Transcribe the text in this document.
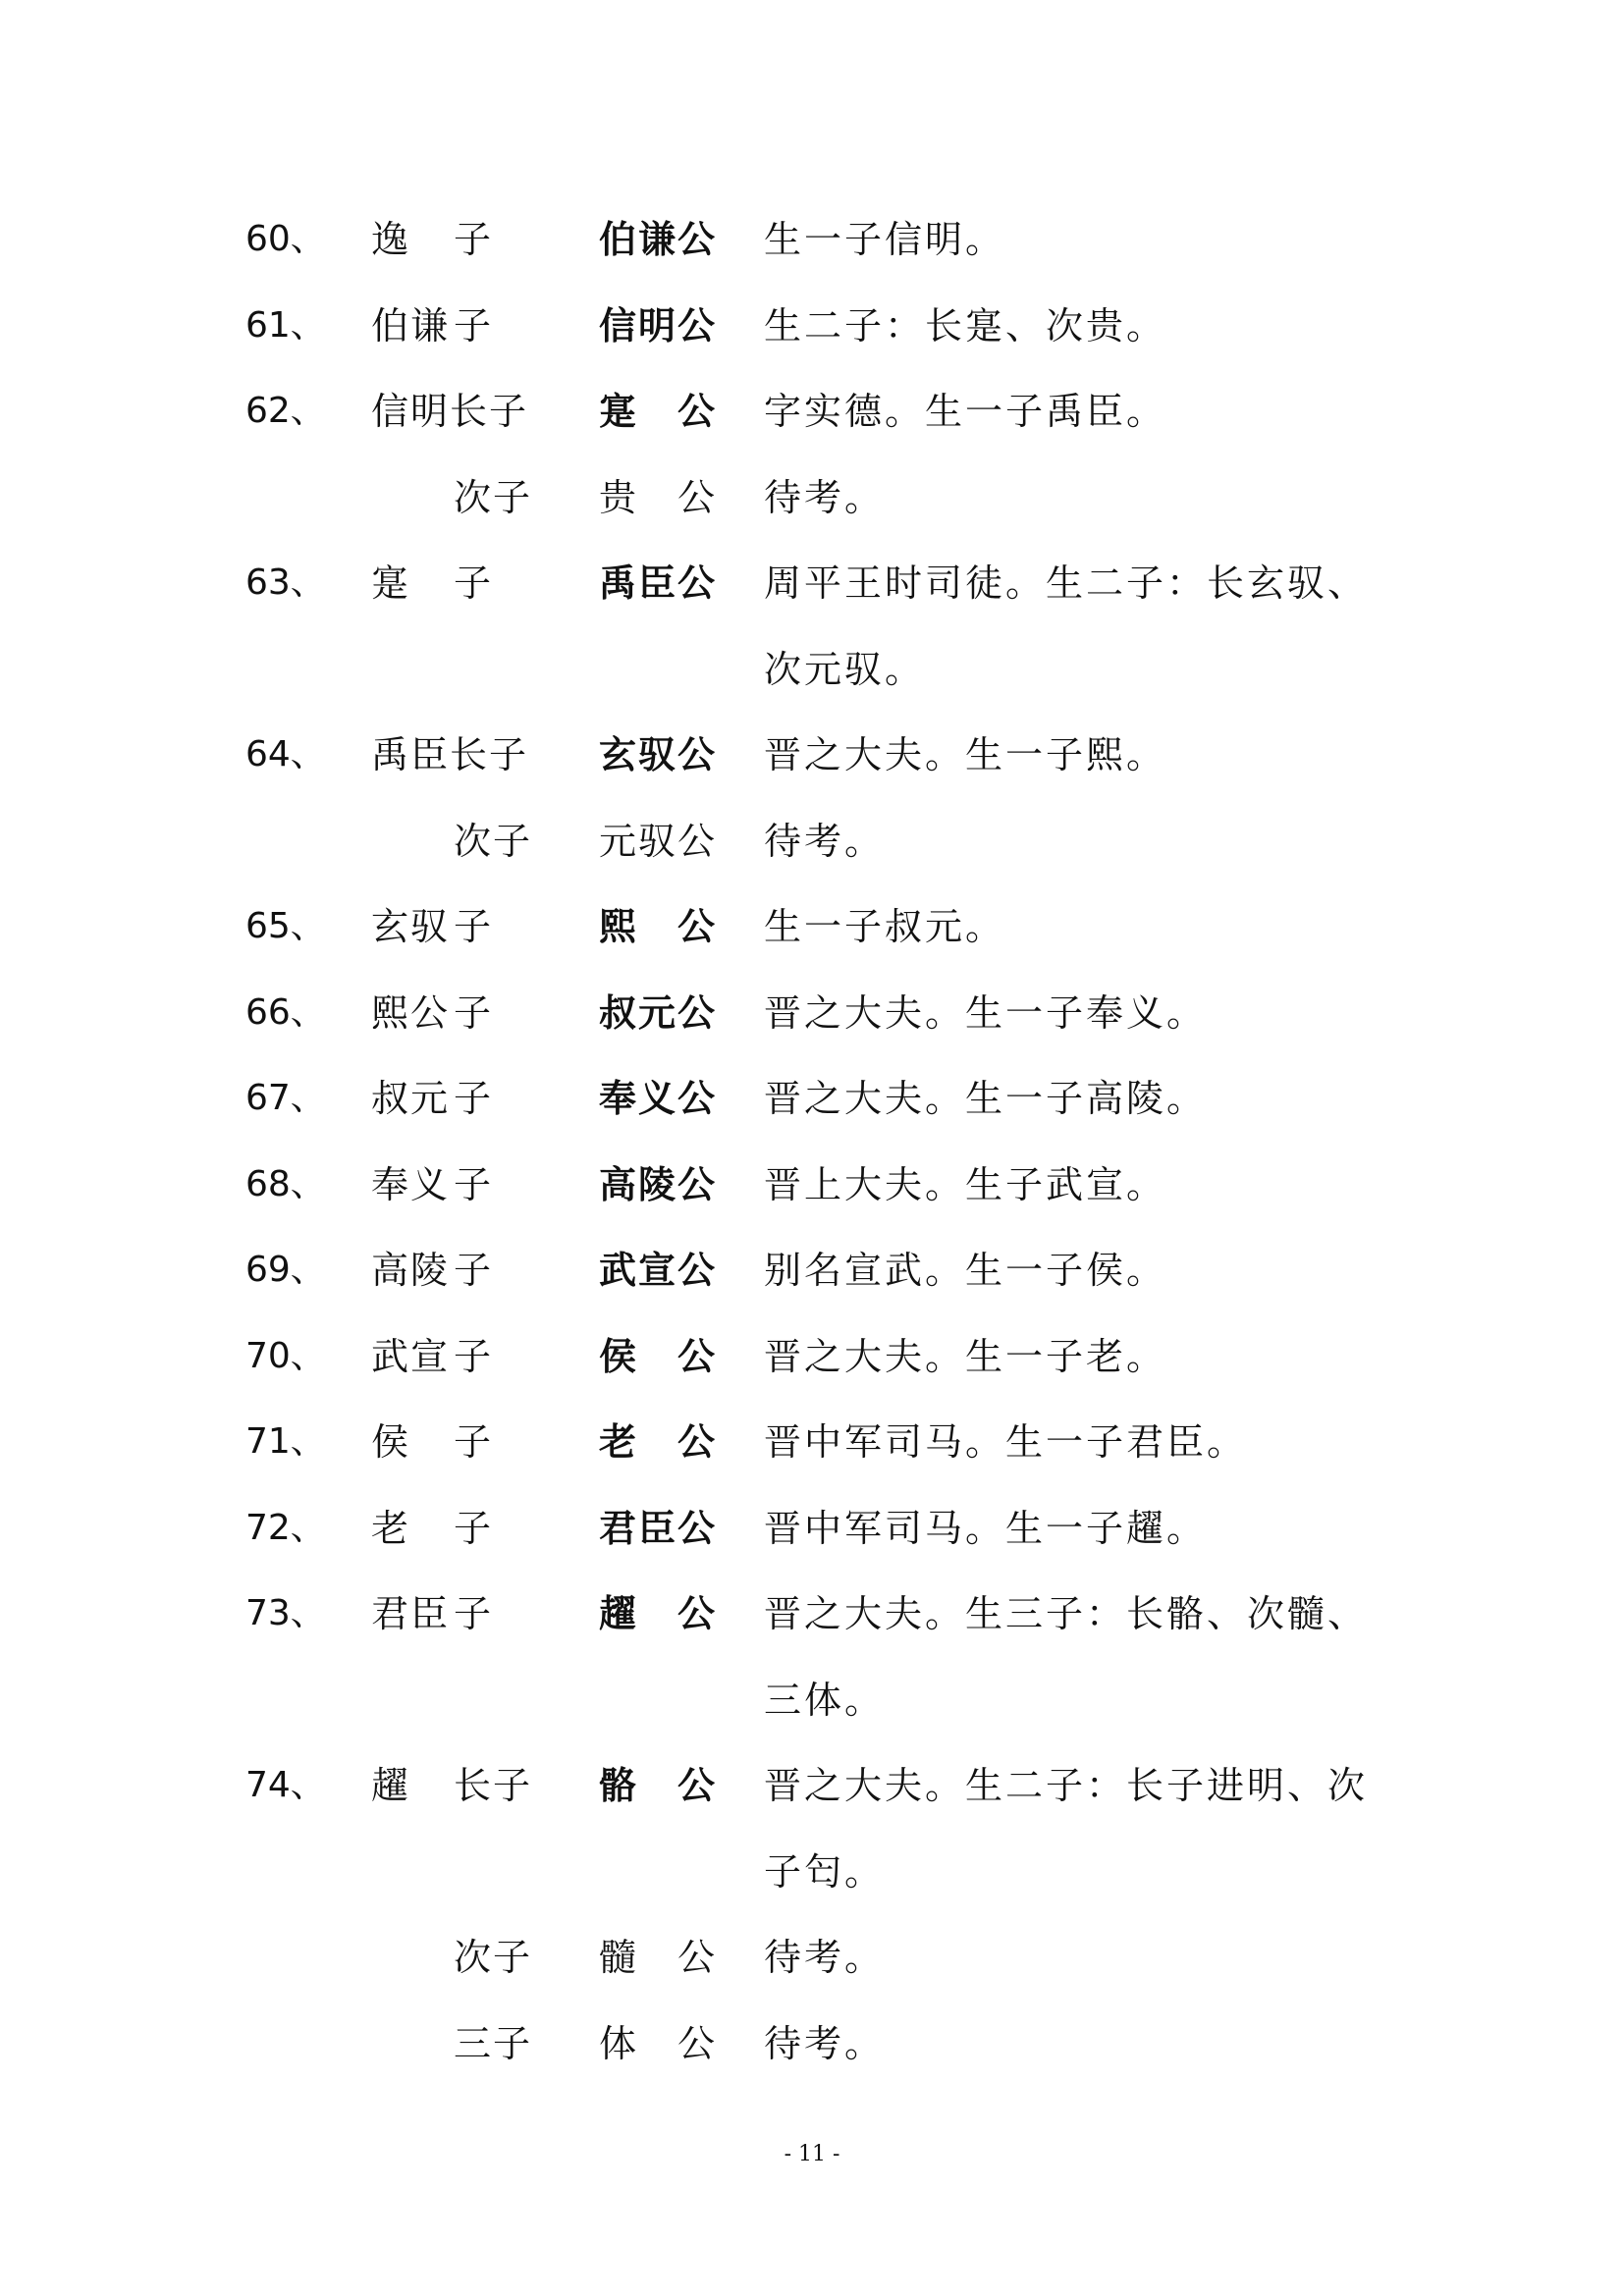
60、 逸	子	伯谦公	生一子信明。
61、 伯谦 子	信明公	生二子：长寔、次贵。
62、 信明长子 寔　公	字实德。生一子禹臣。
次子	贵　公	待考。
63、 寔	子	禹臣公	周平王时司徒。生二子：长玄驭、
次元驭。
64、 禹臣长子 玄驭公	晋之大夫。生一子熙。
次子	元驭公	待考。
65、 玄驭 子	熙　公	生一子叔元。
66、 熙公 子	叔元公	晋之大夫。生一子奉义。
67、 叔元 子	奉义公	晋之大夫。生一子高陵。
68、 奉义 子	高陵公	晋上大夫。生子武宣。
69、 高陵 子	武宣公	别名宣武。生一子侯。
70、 武宣 子	侯　公	晋之大夫。生一子老。
71、 侯	子	老　公	晋中军司马。生一子君臣。
72、 老	子	君臣公	晋中军司马。生一子趯。
73、 君臣 子	趯　公	晋之大夫。生三子：长骼、次髓、
三体。
74、 趯	长子	骼　公	晋之大夫。生二子：长子进明、次
子匄。
次子	髓　公	待考。
三子	体　公	待考。
- 11 -
